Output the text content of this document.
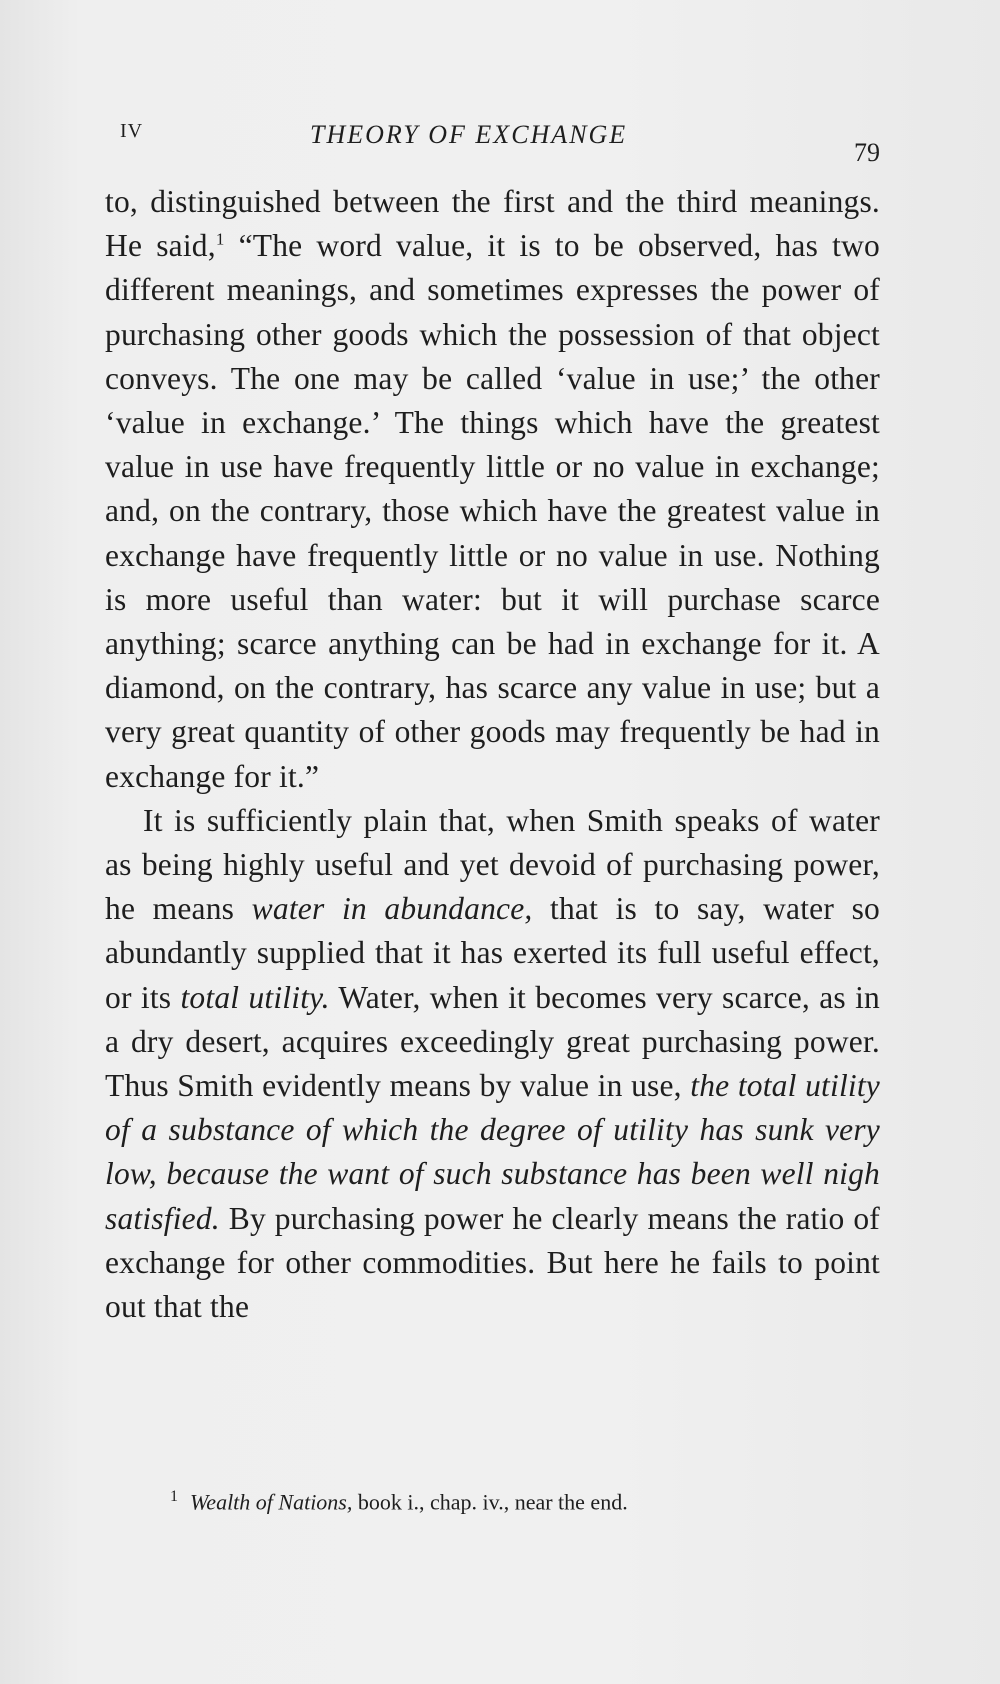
IV	THEORY OF EXCHANGE
79

to, distinguished between the first and the third meanings. He said,$^1$ “The word value, it is to be observed, has two different meanings, and sometimes expresses the power of purchasing other goods which the possession of that object conveys. The one may be called ‘value in use;’ the other ‘value in exchange.’ The things which have the greatest value in use have frequently little or no value in exchange; and, on the contrary, those which have the greatest value in exchange have frequently little or no value in use. Nothing is more useful than water: but it will purchase scarce anything; scarce anything can be had in exchange for it. A diamond, on the contrary, has scarce any value in use; but a very great quantity of other goods may frequently be had in exchange for it.”

It is sufficiently plain that, when Smith speaks of water as being highly useful and yet devoid of purchasing power, he means water in abundance, that is to say, water so abundantly supplied that it has exerted its full useful effect, or its total utility. Water, when it becomes very scarce, as in a dry desert, acquires exceedingly great purchasing power. Thus Smith evidently means by value in use, the total utility of a substance of which the degree of utility has sunk very low, because the want of such substance has been well nigh satisfied. By purchasing power he clearly means the ratio of exchange for other commodities. But here he fails to point out that the

$^1$ Wealth of Nations, book i., chap. iv., near the end.
